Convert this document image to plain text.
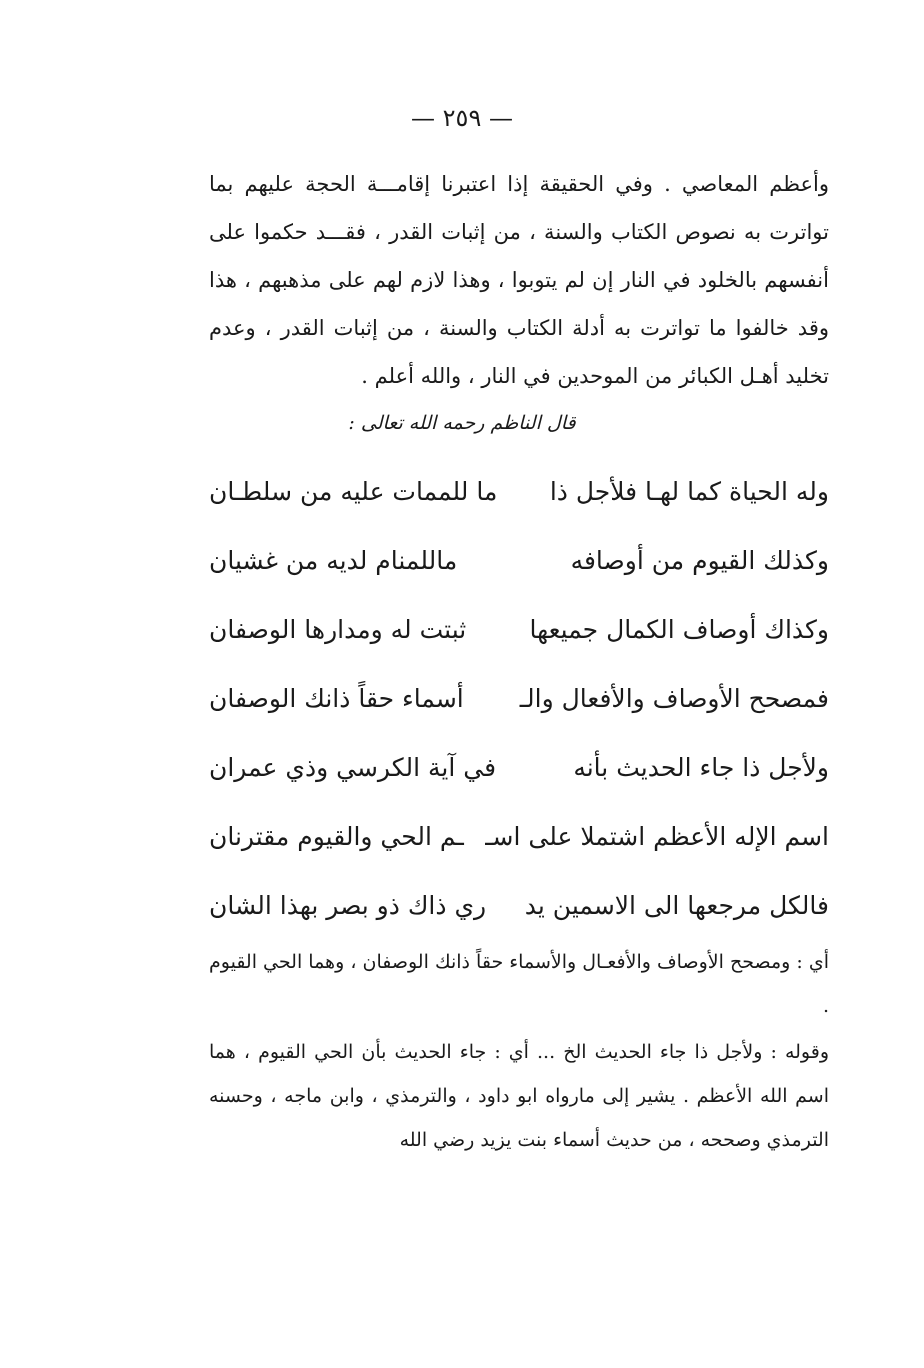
— ٢٥٩ —

وأعظم المعاصي . وفي الحقيقة إذا اعتبرنا إقامـــة الحجة عليهم بما تواترت به نصوص الكتاب والسنة ، من إثبات القدر ، فقـــد حكموا على أنفسهم بالخلود في النار إن لم يتوبوا ، وهذا لازم لهم على مذهبهم ، هذا وقد خالفوا ما تواترت به أدلة الكتاب والسنة ، من إثبات القدر ، وعدم تخليد أهـل الكبائر من الموحدين في النار ، والله أعلم .

قال الناظم رحمه الله تعالى :
وله الحياة كما لهـا فلأجل ذا
ما للممات عليه من سلطـان
وكذلك القيوم من أوصافه
ماللمنام لديه من غشيان
وكذاك أوصاف الكمال جميعها
ثبتت له ومدارها الوصفان
فمصحح الأوصاف والأفعال والـ
أسماء حقاً ذانك الوصفان
ولأجل ذا جاء الحديث بأنه
في آية الكرسي وذي عمران
اسم الإله الأعظم اشتملا على اسـ
ـم الحي والقيوم مقترنان
فالكل مرجعها الى الاسمين يد
ري ذاك ذو بصر بهذا الشان

أي : ومصحح الأوصاف والأفعـال والأسماء حقاً ذانك الوصفان ، وهما الحي القيوم .

وقوله : ولأجل ذا جاء الحديث الخ ... أي : جاء الحديث بأن الحي القيوم ، هما اسم الله الأعظم . يشير إلى مارواه ابو داود ، والترمذي ، وابن ماجه ، وحسنه الترمذي وصححه ، من حديث أسماء بنت يزيد رضي الله
